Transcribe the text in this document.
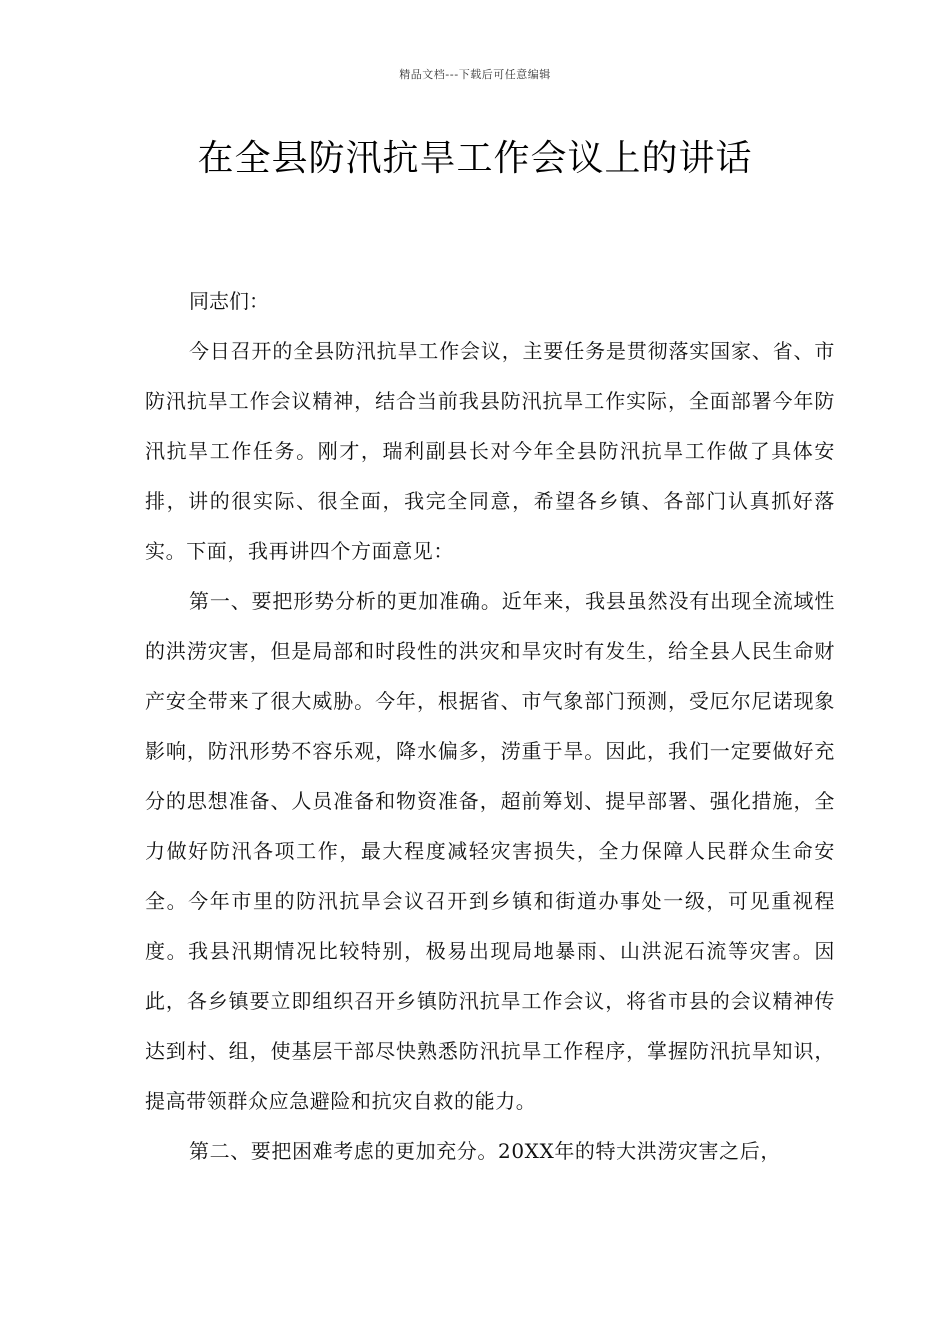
精品文档---下载后可任意编辑
在全县防汛抗旱工作会议上的讲话

同志们：

今日召开的全县防汛抗旱工作会议，主要任务是贯彻落实国家、省、市防汛抗旱工作会议精神，结合当前我县防汛抗旱工作实际，全面部署今年防汛抗旱工作任务。刚才，瑞利副县长对今年全县防汛抗旱工作做了具体安排，讲的很实际、很全面，我完全同意，希望各乡镇、各部门认真抓好落实。下面，我再讲四个方面意见：

第一、要把形势分析的更加准确。近年来，我县虽然没有出现全流域性的洪涝灾害，但是局部和时段性的洪灾和旱灾时有发生，给全县人民生命财产安全带来了很大威胁。今年，根据省、市气象部门预测，受厄尔尼诺现象影响，防汛形势不容乐观，降水偏多，涝重于旱。因此，我们一定要做好充分的思想准备、人员准备和物资准备，超前筹划、提早部署、强化措施，全力做好防汛各项工作，最大程度减轻灾害损失，全力保障人民群众生命安全。今年市里的防汛抗旱会议召开到乡镇和街道办事处一级，可见重视程度。我县汛期情况比较特别，极易出现局地暴雨、山洪泥石流等灾害。因此，各乡镇要立即组织召开乡镇防汛抗旱工作会议，将省市县的会议精神传达到村、组，使基层干部尽快熟悉防汛抗旱工作程序，掌握防汛抗旱知识，提高带领群众应急避险和抗灾自救的能力。

第二、要把困难考虑的更加充分。20XX年的特大洪涝灾害之后，
